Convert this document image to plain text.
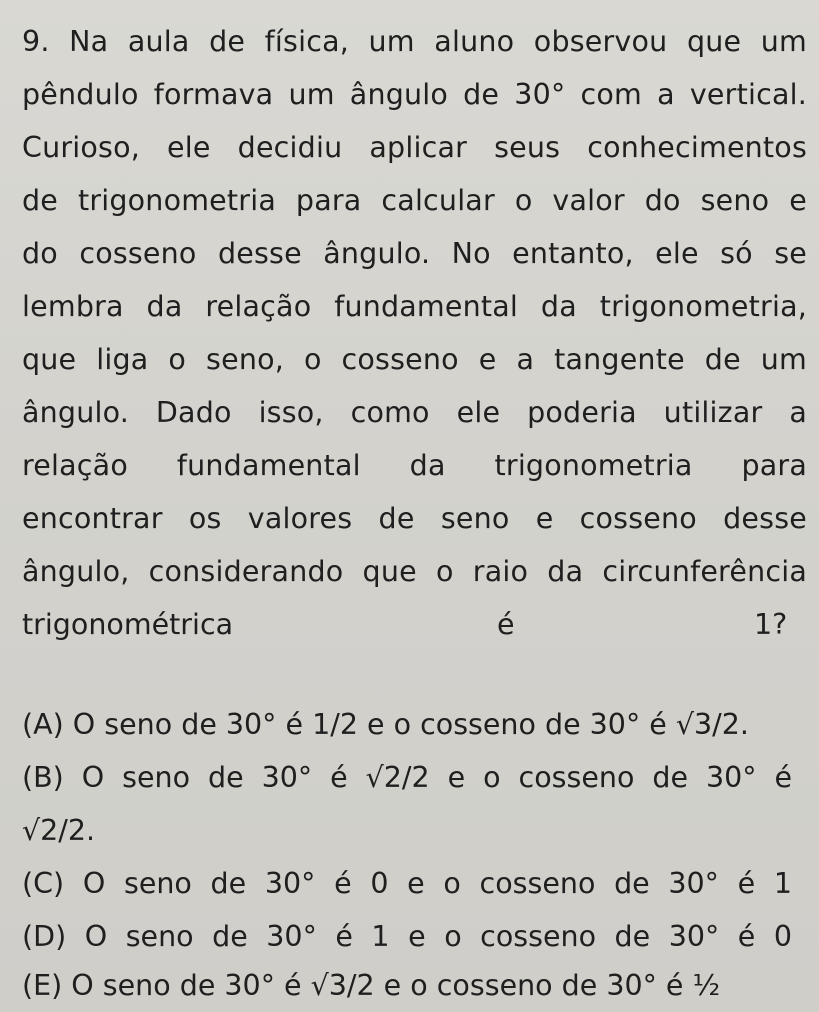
9. Na aula de física, um aluno observou que um
pêndulo formava um ângulo de 30° com a vertical.
Curioso, ele decidiu aplicar seus conhecimentos
de trigonometria para calcular o valor do seno e
do cosseno desse ângulo. No entanto, ele só se
lembra da relação fundamental da trigonometria,
que liga o seno, o cosseno e a tangente de um
ângulo. Dado isso, como ele poderia utilizar a
relação fundamental da trigonometria para
encontrar os valores de seno e cosseno desse
ângulo, considerando que o raio da circunferência
trigonométrica	é	1?
(A) O seno de 30° é 1/2 e o cosseno de 30° é √3/2.
(B) O seno de 30° é √2/2 e o cosseno de 30° é
√2/2.
(C) O seno de 30° é 0 e o cosseno de 30° é 1
(D) O seno de 30° é 1 e o cosseno de 30° é 0
(E) O seno de 30° é √3/2 e o cosseno de 30° é ½
